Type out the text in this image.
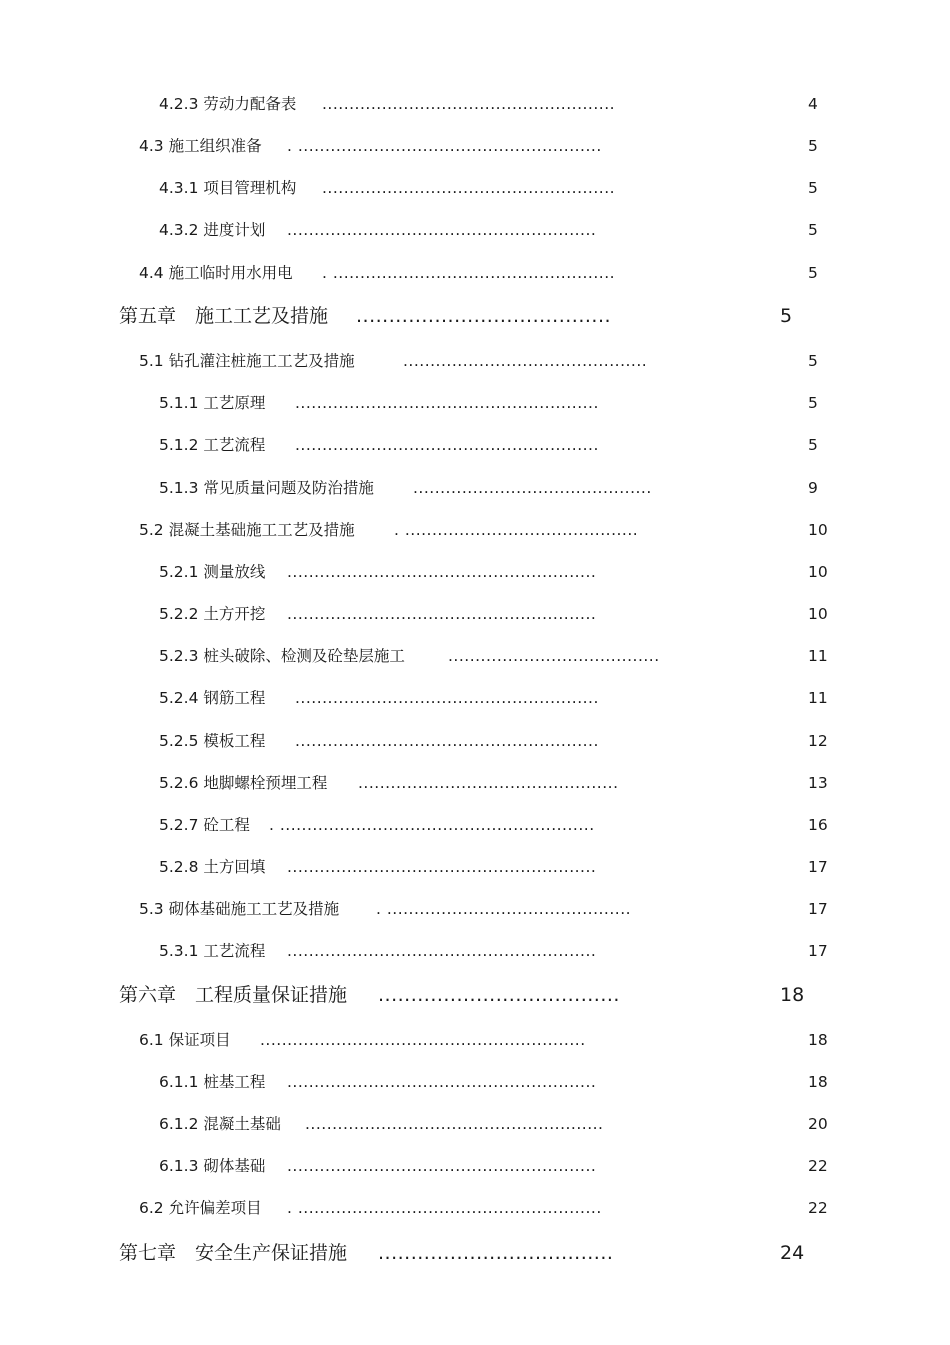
4.2.3 劳动力配备表 ......................................................	4
4.3 施工组织准备 . ........................................................	5
4.3.1 项目管理机构 ......................................................	5
4.3.2 进度计划 .........................................................	5
4.4 施工临时用水用电 . ....................................................	5
第五章　施工工艺及措施 .......................................	5
5.1 钻孔灌注桩施工工艺及措施	.............................................	5
5.1.1 工艺原理 ........................................................	5
5.1.2 工艺流程 ........................................................	5
5.1.3 常见质量问题及防治措施	............................................	9
5.2 混凝土基础施工工艺及措施	. ...........................................	10
5.2.1 测量放线 .........................................................	10
5.2.2 土方开挖 .........................................................	10
5.2.3 桩头破除、检测及砼垫层施工	.......................................	11
5.2.4 钢筋工程 ........................................................	11
5.2.5 模板工程 ........................................................	12
5.2.6 地脚螺栓预埋工程 ................................................	13
5.2.7 砼工程 . ..........................................................	16
5.2.8 土方回填 .........................................................	17
5.3 砌体基础施工工艺及措施 . .............................................	17
5.3.1 工艺流程 .........................................................	17
第六章　工程质量保证措施 .....................................	18
6.1 保证项目 ............................................................	18
6.1.1 桩基工程 .........................................................	18
6.1.2 混凝土基础 .......................................................	20
6.1.3 砌体基础 .........................................................	22
6.2 允许偏差项目 . ........................................................	22
第七章　安全生产保证措施 ....................................	24
